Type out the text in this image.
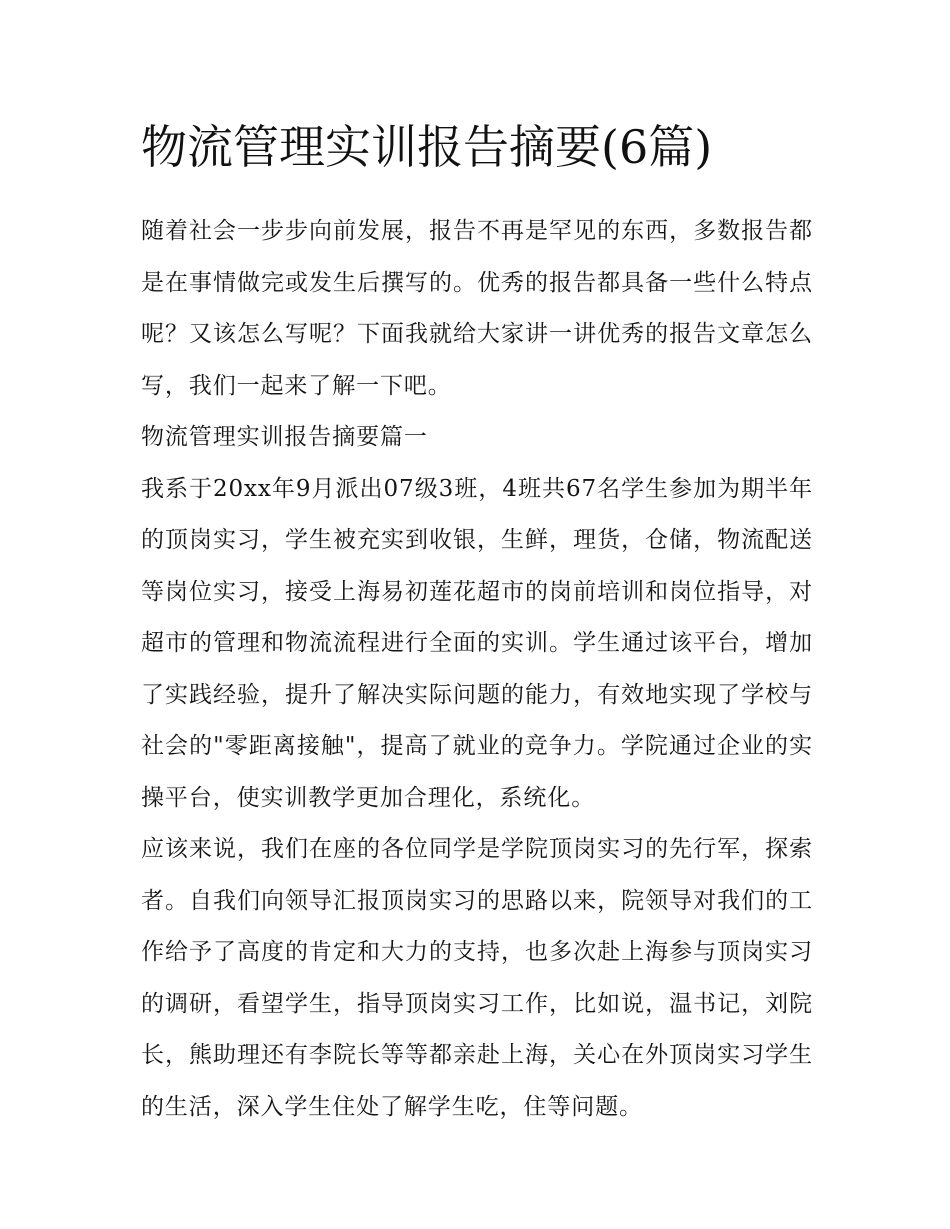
物流管理实训报告摘要(6篇)

随着社会一步步向前发展，报告不再是罕见的东西，多数报告都是在事情做完或发生后撰写的。优秀的报告都具备一些什么特点呢？又该怎么写呢？下面我就给大家讲一讲优秀的报告文章怎么写，我们一起来了解一下吧。

物流管理实训报告摘要篇一

我系于20xx年9月派出07级3班，4班共67名学生参加为期半年的顶岗实习，学生被充实到收银，生鲜，理货，仓储，物流配送等岗位实习，接受上海易初莲花超市的岗前培训和岗位指导，对超市的管理和物流流程进行全面的实训。学生通过该平台，增加了实践经验，提升了解决实际问题的能力，有效地实现了学校与社会的"零距离接触"，提高了就业的竞争力。学院通过企业的实操平台，使实训教学更加合理化，系统化。

应该来说，我们在座的各位同学是学院顶岗实习的先行军，探索者。自我们向领导汇报顶岗实习的思路以来，院领导对我们的工作给予了高度的肯定和大力的支持，也多次赴上海参与顶岗实习的调研，看望学生，指导顶岗实习工作，比如说，温书记，刘院长，熊助理还有李院长等等都亲赴上海，关心在外顶岗实习学生的生活，深入学生住处了解学生吃，住等问题。
